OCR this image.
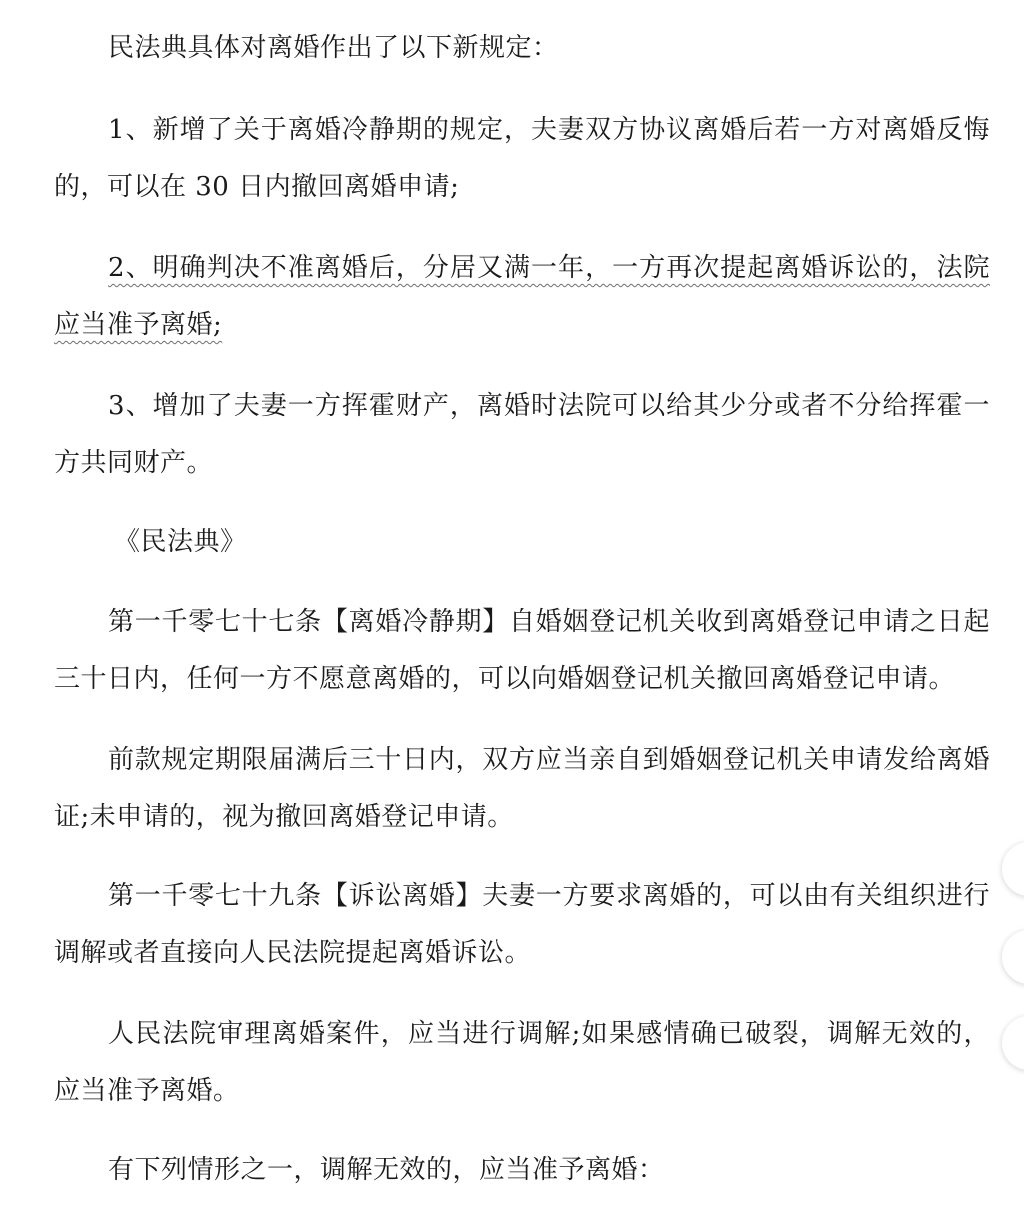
民法典具体对离婚作出了以下新规定：

1、新增了关于离婚冷静期的规定，夫妻双方协议离婚后若一方对离婚反悔的，可以在 30 日内撤回离婚申请;

2、明确判决不准离婚后，分居又满一年，一方再次提起离婚诉讼的，法院应当准予离婚;

3、增加了夫妻一方挥霍财产，离婚时法院可以给其少分或者不分给挥霍一方共同财产。

《民法典》

第一千零七十七条【离婚冷静期】自婚姻登记机关收到离婚登记申请之日起三十日内，任何一方不愿意离婚的，可以向婚姻登记机关撤回离婚登记申请。

前款规定期限届满后三十日内，双方应当亲自到婚姻登记机关申请发给离婚证;未申请的，视为撤回离婚登记申请。

第一千零七十九条【诉讼离婚】夫妻一方要求离婚的，可以由有关组织进行调解或者直接向人民法院提起离婚诉讼。

人民法院审理离婚案件，应当进行调解;如果感情确已破裂，调解无效的，应当准予离婚。

有下列情形之一，调解无效的，应当准予离婚：
